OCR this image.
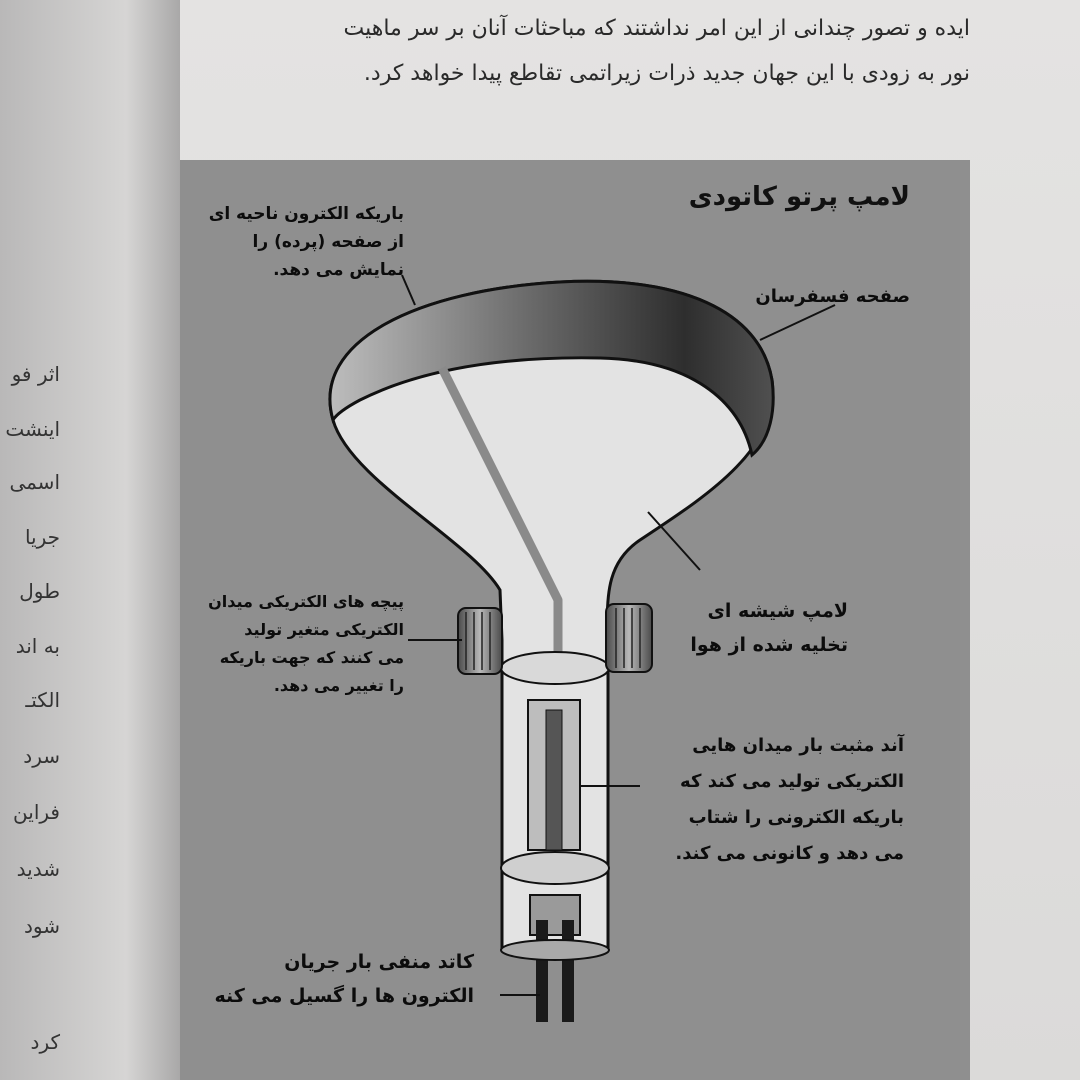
اثر فو
اینشت
اسمی
جریا
طول
به اند
الکتـ
سرد
فراین
شدید
شود
کرد
ایده و تصور چندانی از این امر نداشتند که مباحثات آنان بر سر ماهیت
نور به زودی با این جهان جدید ذرات زیراتمی تقاطع پیدا خواهد کرد.
لامپ پرتو کاتودی
باریکه الکترون ناحیه ای
از صفحه (پرده) را
نمایش می دهد.
صفحه فسفرسان
لامپ شیشه ای
تخلیه شده از هوا
پیچه های الکتریکی میدان
الکتریکی متغیر تولید
می کنند که جهت باریکه
را تغییر می دهد.
آند مثبت بار میدان هایی
الکتریکی تولید می کند که
باریکه الکترونی را شتاب
می دهد و کانونی می کند.
کاتد منفی بار جریان
الکترون ها را گسیل می کنه
